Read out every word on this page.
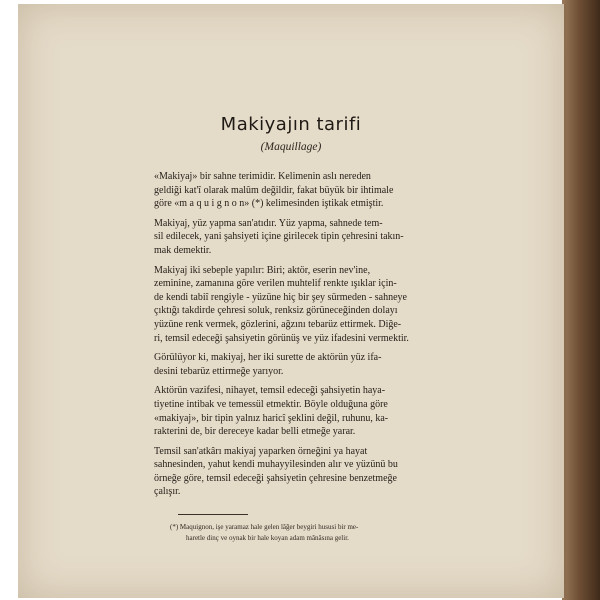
Makiyajın tarifi
(Maquillage)

«Makiyaj» bir sahne terimidir. Kelimenin aslı nereden
geldiği kat'î olarak malûm değildir, fakat büyük bir ihtimale
göre «m a q u i g n o n» (*) kelimesinden iştikak etmiştir.

Makiyaj, yüz yapma san'atıdır. Yüz yapma, sahnede tem-
sil edilecek, yani şahsiyeti içine girilecek tipin çehresini takın-
mak demektir.

Makiyaj iki sebeple yapılır: Biri; aktör, eserin nev'ine,
zeminine, zamanına göre verilen muhtelif renkte ışıklar için-
de kendi tabiî rengiyle - yüzüne hiç bir şey sürmeden - sahneye
çıktığı takdirde çehresi soluk, renksiz görüneceğinden dolayı
yüzüne renk vermek, gözlerini, ağzını tebarüz ettirmek. Diğe-
ri, temsil edeceği şahsiyetin görünüş ve yüz ifadesini vermektir.

Görülüyor ki, makiyaj, her iki surette de aktörün yüz ifa-
desini tebarüz ettirmeğe yarıyor.

Aktörün vazifesi, nihayet, temsil edeceği şahsiyetin haya-
tiyetine intibak ve temessül etmektir. Böyle olduğuna göre
«makiyaj», bir tipin yalnız haricî şeklini değil, ruhunu, ka-
rakterini de, bir dereceye kadar belli etmeğe yarar.

Temsil san'atkârı makiyaj yaparken örneğini ya hayat
sahnesinden, yahut kendi muhayyilesinden alır ve yüzünü bu
örneğe göre, temsil edeceği şahsiyetin çehresine benzetmeğe
çalışır.

(*) Maquignon, işe yaramaz hale gelen lâğer beygiri hususi bir me-
haretle dinç ve oynak bir hale koyan adam mânâsına gelir.
